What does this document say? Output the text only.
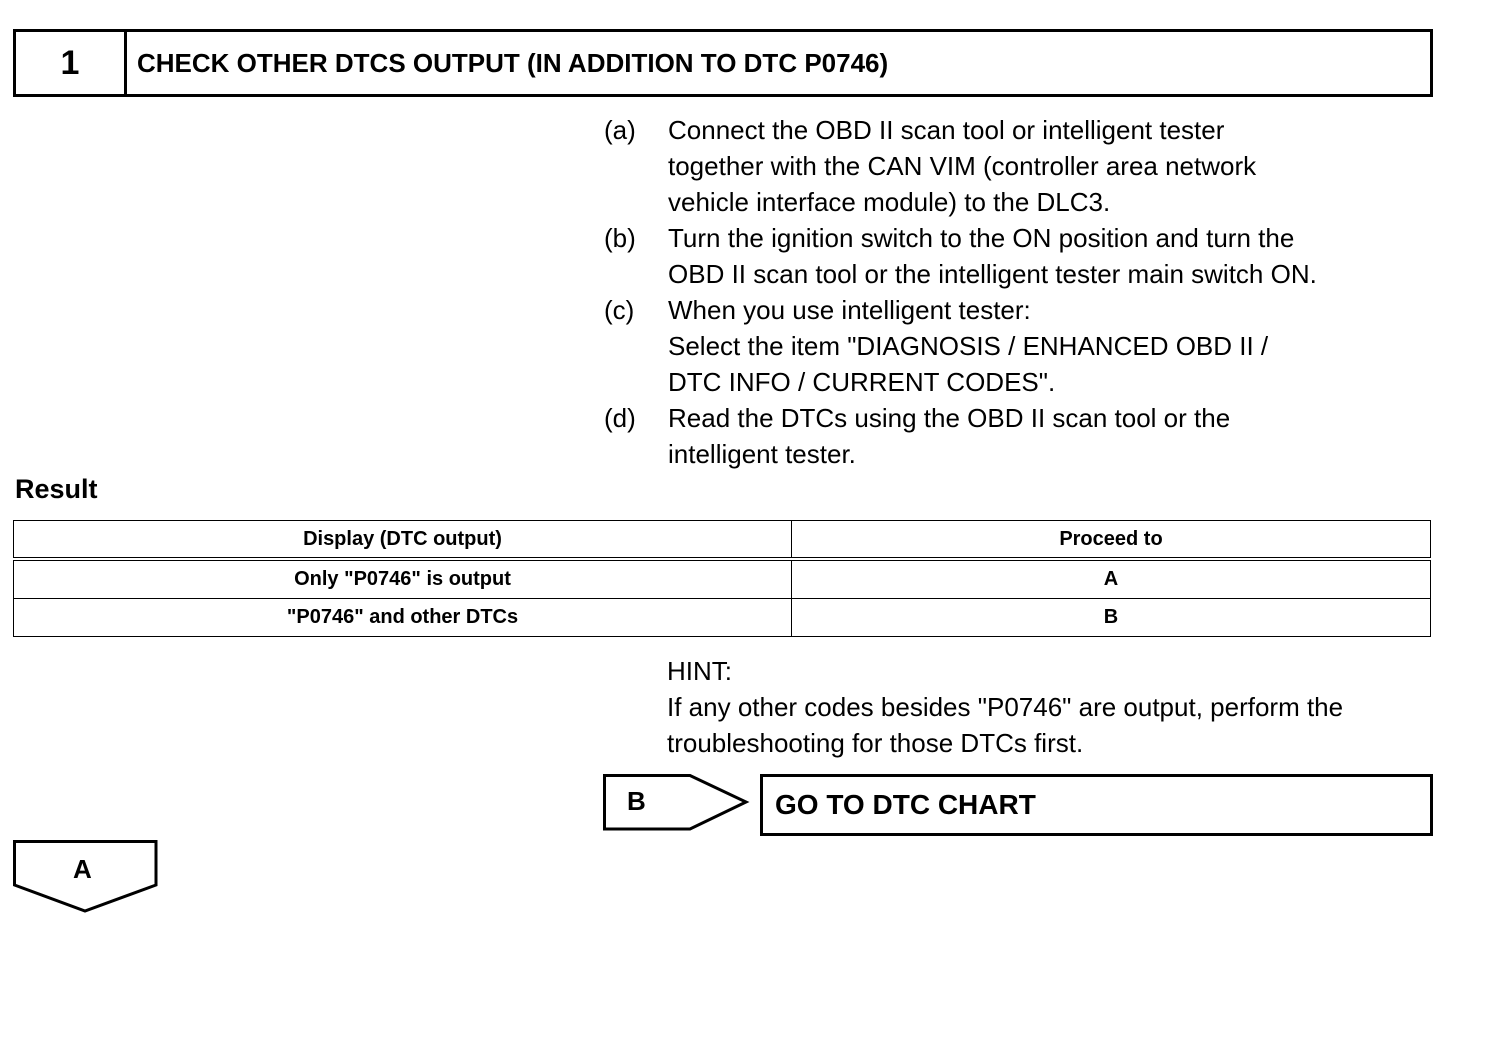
1	CHECK OTHER DTCS OUTPUT (IN ADDITION TO DTC P0746)
(a)	Connect the OBD II scan tool or intelligent tester
together with the CAN VIM (controller area network
vehicle interface module) to the DLC3.
(b)	Turn the ignition switch to the ON position and turn the
OBD II scan tool or the intelligent tester main switch ON.
(c)	When you use intelligent tester:
Select the item "DIAGNOSIS / ENHANCED OBD II /
DTC INFO / CURRENT CODES".
(d)	Read the DTCs using the OBD II scan tool or the
intelligent tester.
Result
Display (DTC output)	Proceed to
Only "P0746" is output	A
"P0746" and other DTCs	B
HINT:
If any other codes besides "P0746" are output, perform the troubleshooting for those DTCs first.
B	GO TO DTC CHART
A
